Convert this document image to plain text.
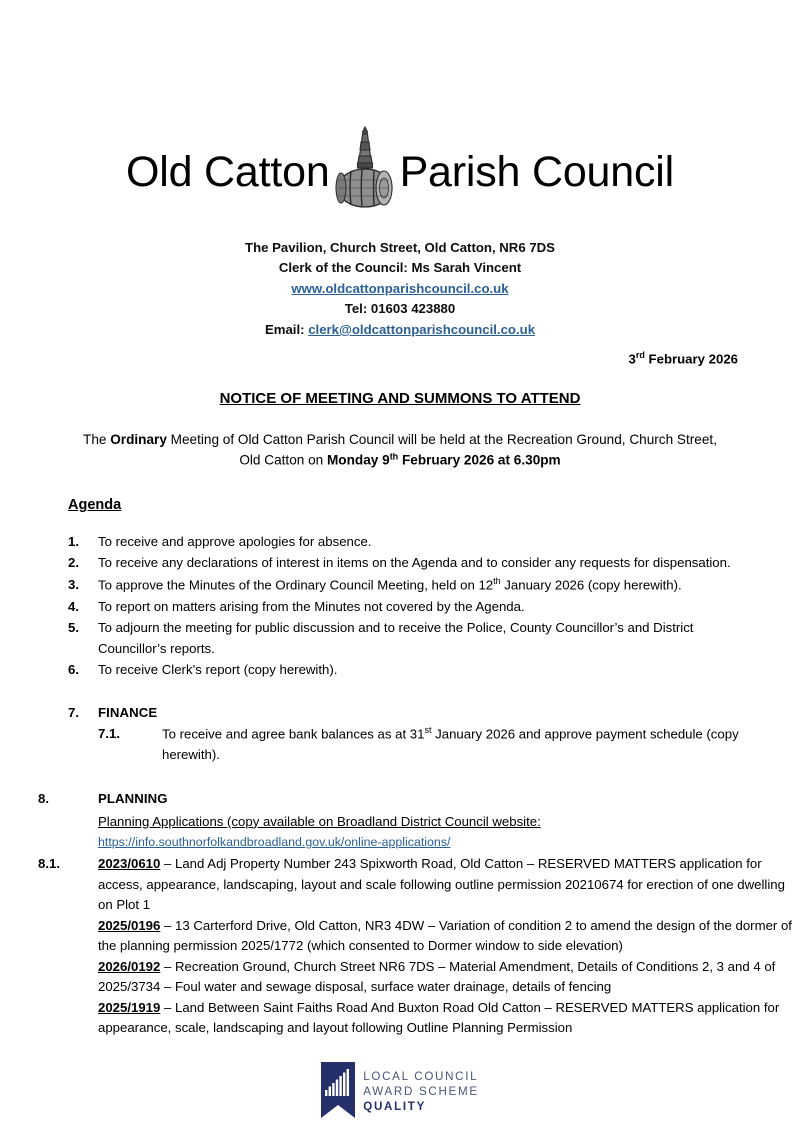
Old Catton Parish Council
The Pavilion, Church Street, Old Catton, NR6 7DS
Clerk of the Council: Ms Sarah Vincent
www.oldcattonparishcouncil.co.uk
Tel: 01603 423880
Email: clerk@oldcattonparishcouncil.co.uk
3rd February 2026
NOTICE OF MEETING AND SUMMONS TO ATTEND
The Ordinary Meeting of Old Catton Parish Council will be held at the Recreation Ground, Church Street, Old Catton on Monday 9th February 2026 at 6.30pm
Agenda
1.	To receive and approve apologies for absence.
2.	To receive any declarations of interest in items on the Agenda and to consider any requests for dispensation.
3.	To approve the Minutes of the Ordinary Council Meeting, held on 12th January 2026 (copy herewith).
4.	To report on matters arising from the Minutes not covered by the Agenda.
5.	To adjourn the meeting for public discussion and to receive the Police, County Councillor’s and District Councillor’s reports.
6.	To receive Clerk’s report (copy herewith).
7.	FINANCE
7.1.	To receive and agree bank balances as at 31st January 2026 and approve payment schedule (copy herewith).
8.	PLANNING
Planning Applications (copy available on Broadland District Council website:
https://info.southnorfolkandbroadland.gov.uk/online-applications/
8.1.	2023/0610 – Land Adj Property Number 243 Spixworth Road, Old Catton – RESERVED MATTERS application for access, appearance, landscaping, layout and scale following outline permission 20210674 for erection of one dwelling on Plot 1
2025/0196 – 13 Carterford Drive, Old Catton, NR3 4DW – Variation of condition 2 to amend the design of the dormer of the planning permission 2025/1772 (which consented to Dormer window to side elevation)
2026/0192 – Recreation Ground, Church Street NR6 7DS – Material Amendment, Details of Conditions 2, 3 and 4 of 2025/3734 – Foul water and sewage disposal, surface water drainage, details of fencing
2025/1919 – Land Between Saint Faiths Road And Buxton Road Old Catton – RESERVED MATTERS application for appearance, scale, landscaping and layout following Outline Planning Permission
LOCAL COUNCIL
AWARD SCHEME
QUALITY
